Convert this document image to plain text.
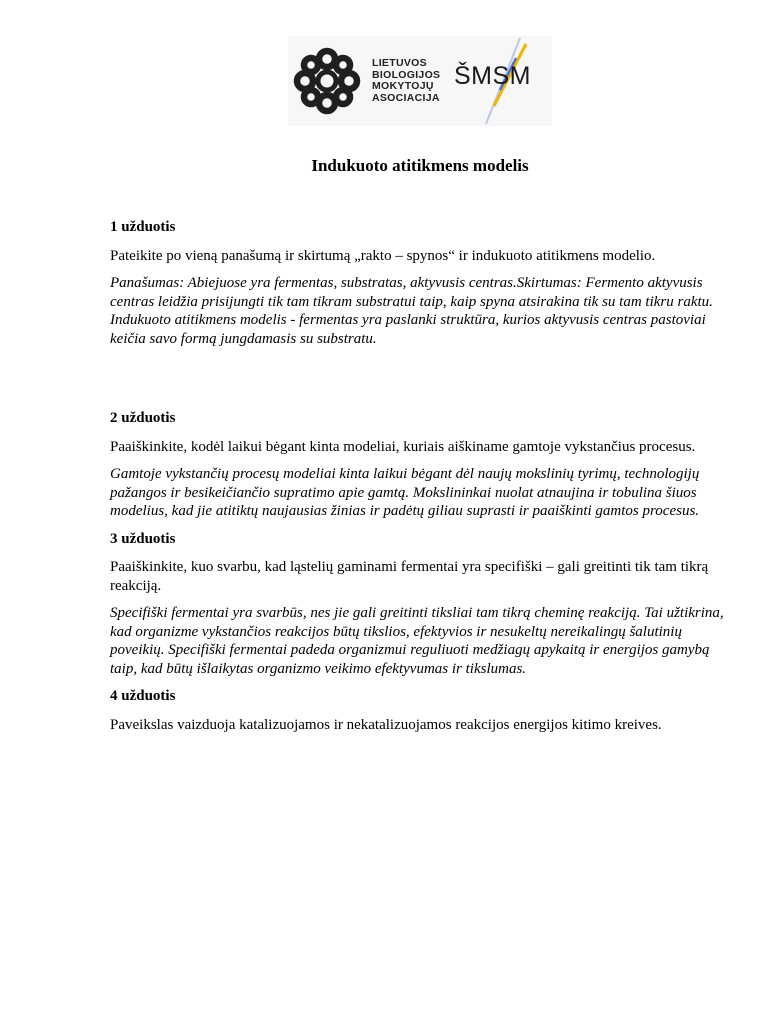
LIETUVOS
BIOLOGIJOS
MOKYTOJŲ
ASOCIACIJA
ŠMSM
Indukuoto atitikmens modelis

1 užduotis

Pateikite po vieną panašumą ir skirtumą „rakto – spynos“ ir indukuoto atitikmens modelio.

Panašumas: Abiejuose yra fermentas, substratas, aktyvusis centras.Skirtumas: Fermento aktyvusis centras leidžia prisijungti tik tam tikram substratui taip, kaip spyna atsirakina tik su tam tikru raktu. Indukuoto atitikmens modelis - fermentas yra paslanki struktūra, kurios aktyvusis centras pastoviai keičia savo formą jungdamasis su substratu.

2 užduotis

Paaiškinkite, kodėl laikui bėgant kinta modeliai, kuriais aiškiname gamtoje vykstančius procesus.

Gamtoje vykstančių procesų modeliai kinta laikui bėgant dėl naujų mokslinių tyrimų, technologijų pažangos ir besikeičiančio supratimo apie gamtą. Mokslininkai nuolat atnaujina ir tobulina šiuos modelius, kad jie atitiktų naujausias žinias ir padėtų giliau suprasti ir paaiškinti gamtos procesus.

3 užduotis

Paaiškinkite, kuo svarbu, kad ląstelių gaminami fermentai yra specifiški – gali greitinti tik tam tikrą reakciją.

Specifiški fermentai yra svarbūs, nes jie gali greitinti tiksliai tam tikrą cheminę reakciją. Tai užtikrina, kad organizme vykstančios reakcijos būtų tikslios, efektyvios ir nesukeltų nereikalingų šalutinių poveikių. Specifiški fermentai padeda organizmui reguliuoti medžiagų apykaitą ir energijos gamybą taip, kad būtų išlaikytas organizmo veikimo efektyvumas ir tikslumas.

4 užduotis

Paveikslas vaizduoja katalizuojamos ir nekatalizuojamos reakcijos energijos kitimo kreives.
